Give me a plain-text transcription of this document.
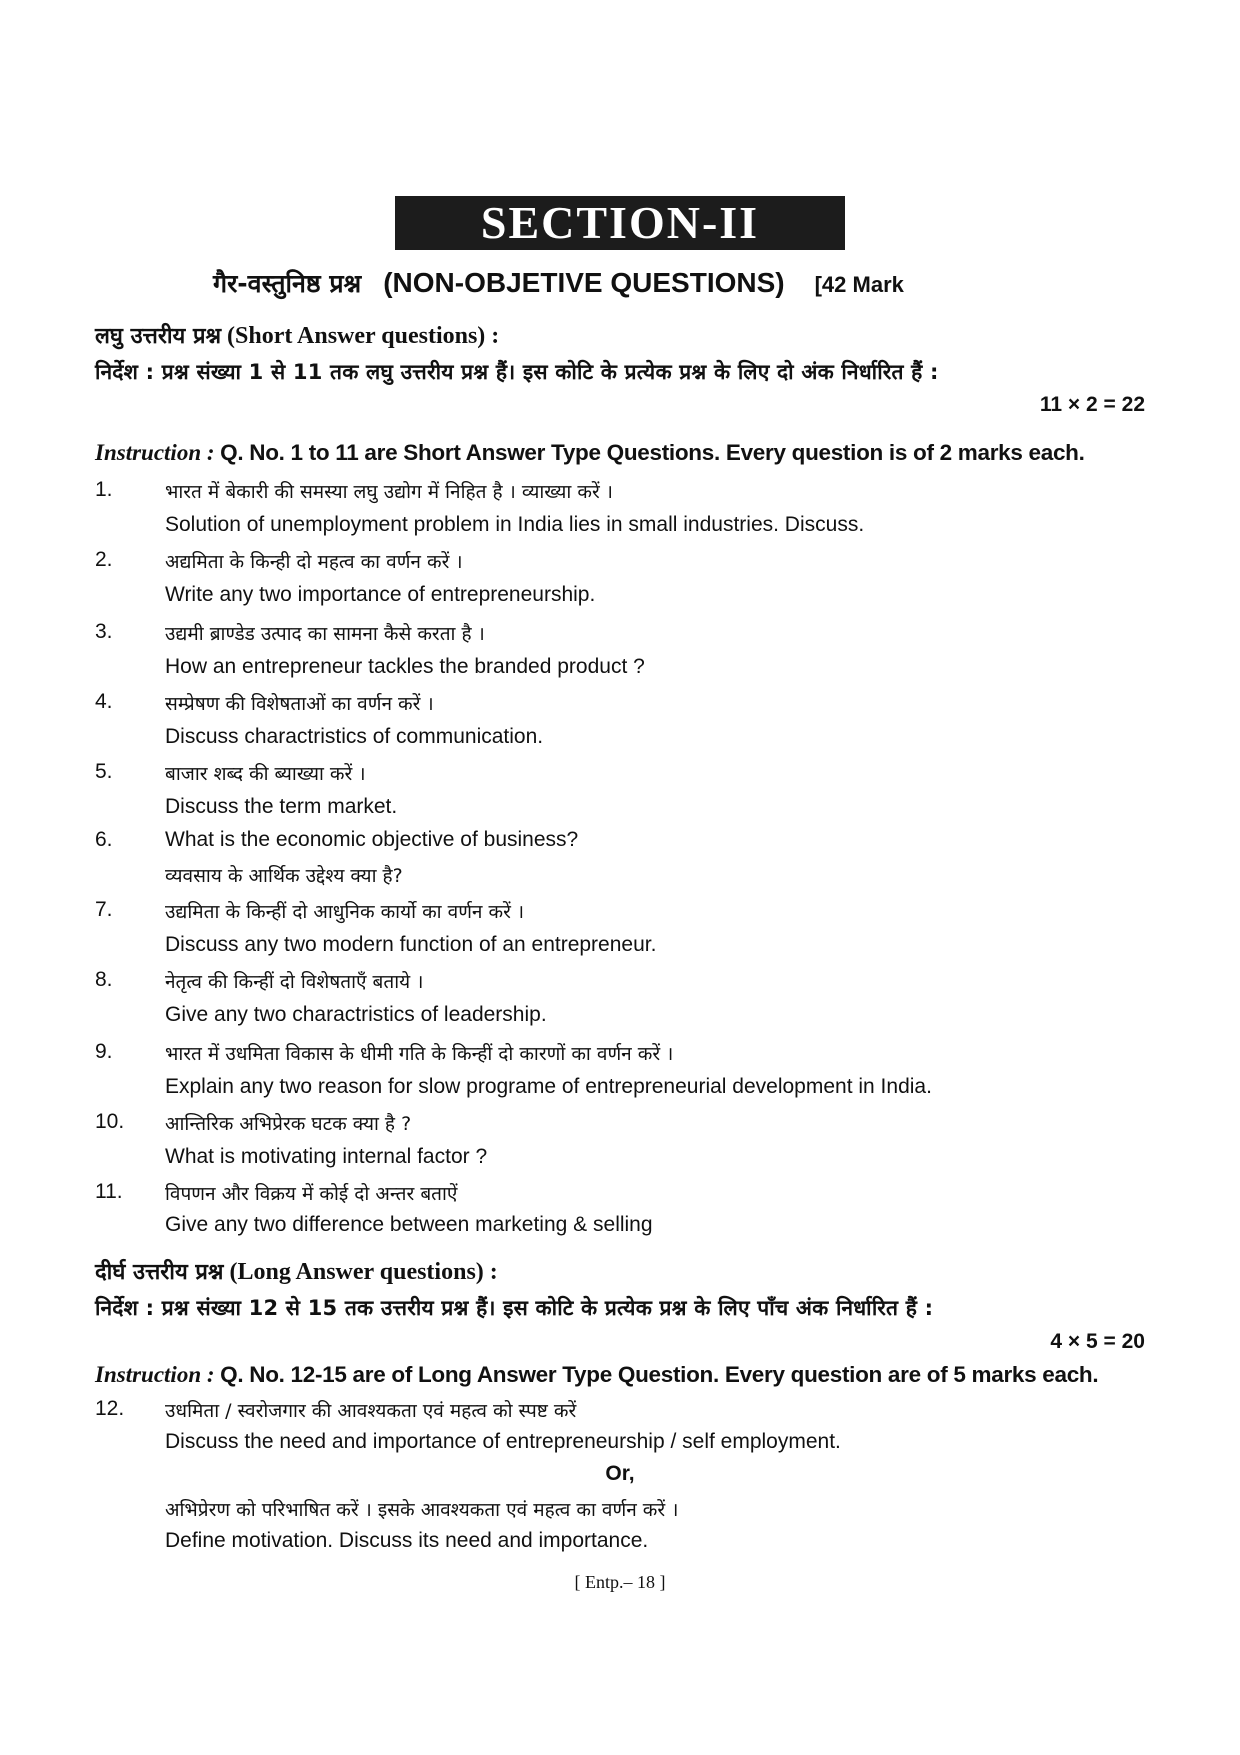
SECTION-II
गैर-वस्तुनिष्ठ प्रश्न (NON-OBJETIVE QUESTIONS) [42 Mark
लघु उत्तरीय प्रश्न (Short Answer questions) :
निर्देश : प्रश्न संख्या 1 से 11 तक लघु उत्तरीय प्रश्न हैं। इस कोटि के प्रत्येक प्रश्न के लिए दो अंक निर्धारित हैं :
11 × 2 = 22
Instruction : Q. No. 1 to 11 are Short Answer Type Questions. Every question is of 2 marks each.
1.	भारत में बेकारी की समस्या लघु उद्योग में निहित है । व्याख्या करें ।
Solution of unemployment problem in India lies in small industries. Discuss.
2.	अद्यमिता के किन्ही दो महत्व का वर्णन करें ।
Write any two importance of entrepreneurship.
3.	उद्यमी ब्राण्डेड उत्पाद का सामना कैसे करता है ।
How an entrepreneur tackles the branded product ?
4.	सम्प्रेषण की विशेषताओं का वर्णन करें ।
Discuss charactristics of communication.
5.	बाजार शब्द की ब्याख्या करें ।
Discuss the term market.
6. What is the economic objective of business?
व्यवसाय के आर्थिक उद्देश्य क्या है?
7.	उद्यमिता के किन्हीं दो आधुनिक कार्यो का वर्णन करें ।
Discuss any two modern function of an entrepreneur.
8.	नेतृत्व की किन्हीं दो विशेषताएँ बताये ।
Give any two charactristics of leadership.
9.	भारत में उधमिता विकास के धीमी गति के किन्हीं दो कारणों का वर्णन करें ।
Explain any two reason for slow programe of entrepreneurial development in India.
10. आन्तिरिक अभिप्रेरक घटक क्या है ?
What is motivating internal factor ?
11. विपणन और विक्रय में कोई दो अन्तर बताऐं
Give any two difference between marketing & selling
दीर्घ उत्तरीय प्रश्न (Long Answer questions) :
निर्देश : प्रश्न संख्या 12 से 15 तक उत्तरीय प्रश्न हैं। इस कोटि के प्रत्येक प्रश्न के लिए पाँच अंक निर्धारित हैं :
4 × 5 = 20
Instruction : Q. No. 12-15 are of Long Answer Type Question. Every question are of 5 marks each.
12. उधमिता / स्वरोजगार की आवश्यकता एवं महत्व को स्पष्ट करें
Discuss the need and importance of entrepreneurship / self employment.
Or,
अभिप्रेरण को परिभाषित करें । इसके आवश्यकता एवं महत्व का वर्णन करें ।
Define motivation. Discuss its need and importance.
[ Entp.– 18 ]
